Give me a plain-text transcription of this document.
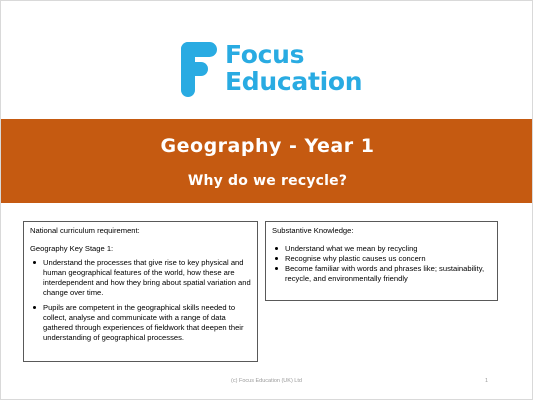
Focus
Education
Geography - Year 1
Why do we recycle?
National curriculum requirement:
Geography Key Stage 1:
Understand the processes that give rise to key physical and human geographical features of the world, how these are interdependent and how they bring about spatial variation and change over time.
Pupils are competent in the geographical skills needed to collect, analyse and communicate with a range of data gathered through experiences of fieldwork that deepen their understanding of geographical processes.
Substantive Knowledge:
Understand what we mean by recycling
Recognise why plastic causes us concern
Become familiar with words and phrases like; sustainability, recycle, and environmentally friendly
(c) Focus Education (UK) Ltd	1
